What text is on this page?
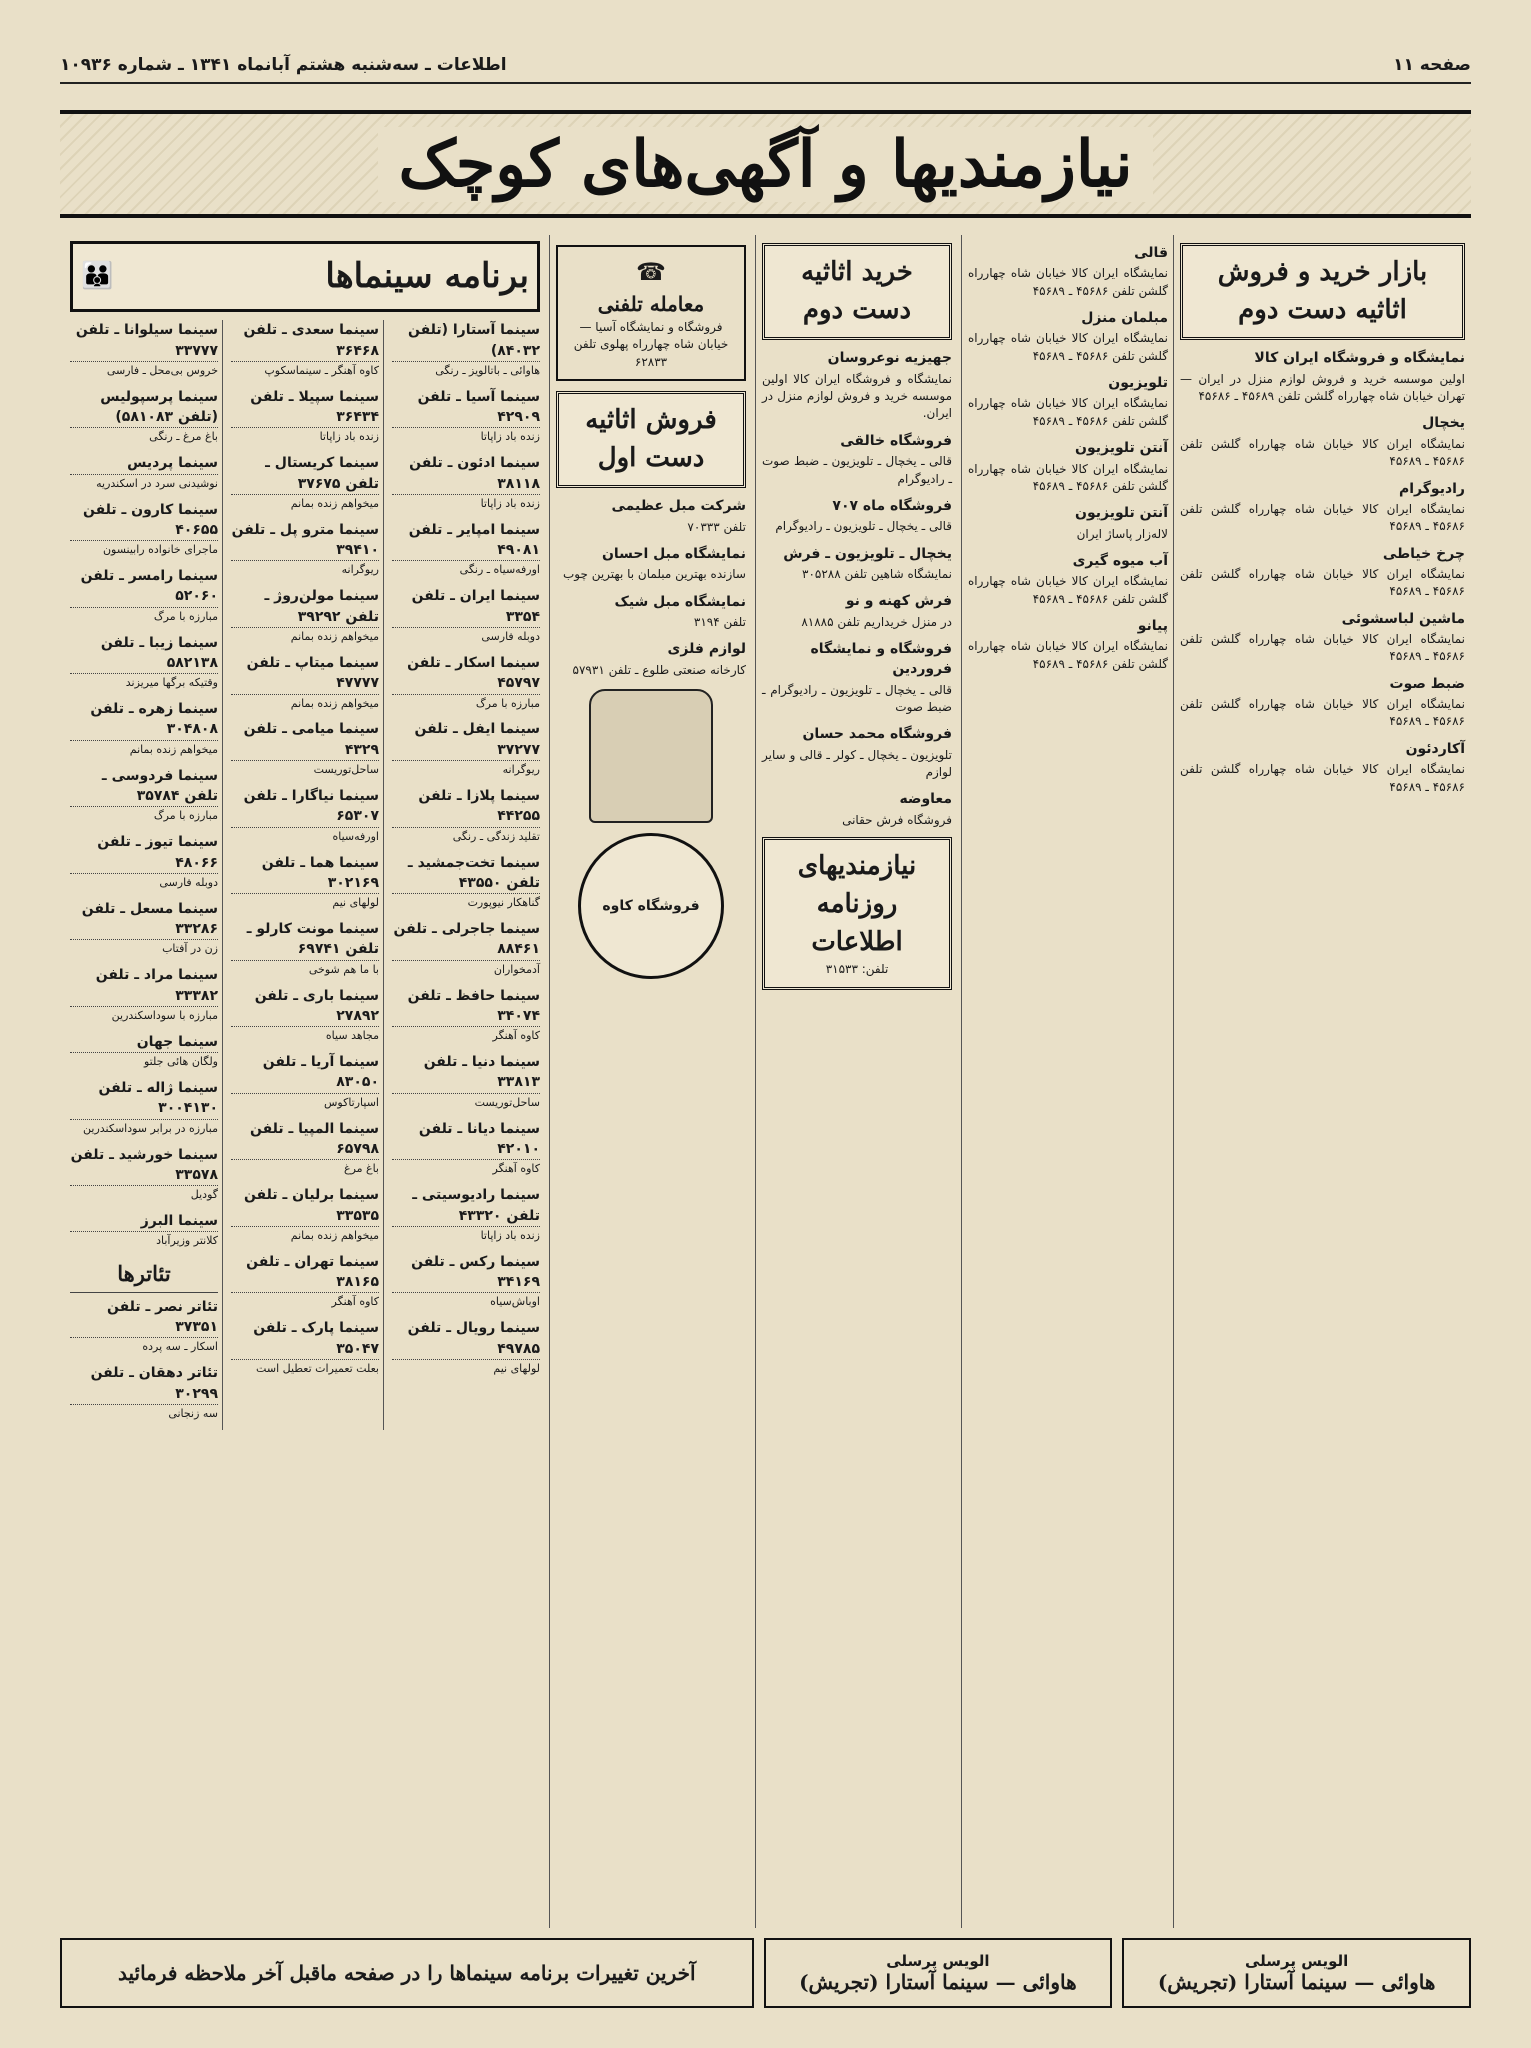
صفحه ۱۱
اطلاعات ـ سه‌شنبه هشتم آبانماه ۱۳۴۱ ـ شماره ۱۰۹۳۶
نیازمندیها و آگهی‌های کوچک
بازار خرید و فروش اثاثیه دست دوم
نمایشگاه و فروشگاه ایران کالا

اولین موسسه خرید و فروش لوازم منزل در ایران — تهران خیابان شاه چهارراه گلشن تلفن ۴۵۶۸۹ ـ ۴۵۶۸۶

یخچال

نمایشگاه ایران کالا خیابان شاه چهارراه گلشن تلفن ۴۵۶۸۶ ـ ۴۵۶۸۹

رادیوگرام

نمایشگاه ایران کالا خیابان شاه چهارراه گلشن تلفن ۴۵۶۸۶ ـ ۴۵۶۸۹

چرخ خیاطی

نمایشگاه ایران کالا خیابان شاه چهارراه گلشن تلفن ۴۵۶۸۶ ـ ۴۵۶۸۹

ماشین لباسشوئی

نمایشگاه ایران کالا خیابان شاه چهارراه گلشن تلفن ۴۵۶۸۶ ـ ۴۵۶۸۹

ضبط صوت

نمایشگاه ایران کالا خیابان شاه چهارراه گلشن تلفن ۴۵۶۸۶ ـ ۴۵۶۸۹

آکاردئون

نمایشگاه ایران کالا خیابان شاه چهارراه گلشن تلفن ۴۵۶۸۶ ـ ۴۵۶۸۹

قالی

نمایشگاه ایران کالا خیابان شاه چهارراه گلشن تلفن ۴۵۶۸۶ ـ ۴۵۶۸۹

مبلمان منزل

نمایشگاه ایران کالا خیابان شاه چهارراه گلشن تلفن ۴۵۶۸۶ ـ ۴۵۶۸۹

تلویزیون

نمایشگاه ایران کالا خیابان شاه چهارراه گلشن تلفن ۴۵۶۸۶ ـ ۴۵۶۸۹

آنتن تلویزیون

نمایشگاه ایران کالا خیابان شاه چهارراه گلشن تلفن ۴۵۶۸۶ ـ ۴۵۶۸۹

آنتن تلویزیون

لاله‌زار پاساژ ایران

آب میوه گیری

نمایشگاه ایران کالا خیابان شاه چهارراه گلشن تلفن ۴۵۶۸۶ ـ ۴۵۶۸۹

پیانو

نمایشگاه ایران کالا خیابان شاه چهارراه گلشن تلفن ۴۵۶۸۶ ـ ۴۵۶۸۹

خرید اثاثیه دست دوم
جهیزیه نوعروسان

نمایشگاه و فروشگاه ایران کالا اولین موسسه خرید و فروش لوازم منزل در ایران.

فروشگاه خالقی

قالی ـ یخچال ـ تلویزیون ـ ضبط صوت ـ رادیوگرام

فروشگاه ماه ۷۰۷

قالی ـ یخچال ـ تلویزیون ـ رادیوگرام

یخچال ـ تلویزیون ـ فرش

نمایشگاه شاهین تلفن ۳۰۵۲۸۸

فرش کهنه و نو

در منزل خریداریم تلفن ۸۱۸۸۵

فروشگاه و نمایشگاه فروردین

قالی ـ یخچال ـ تلویزیون ـ رادیوگرام ـ ضبط صوت

فروشگاه محمد حسان

تلویزیون ـ یخچال ـ کولر ـ قالی و سایر لوازم

معاوضه

فروشگاه فرش حقانی

نیازمندیهای روزنامه اطلاعات
تلفن: ۳۱۵۳۳
☎
معامله تلفنی
فروشگاه و نمایشگاه آسیا — خیابان شاه چهارراه پهلوی تلفن ۶۲۸۳۳
فروش اثاثیه دست اول
شرکت مبل عظیمی

تلفن ۷۰۳۳۳

نمایشگاه مبل احسان

سازنده بهترین مبلمان با بهترین چوب

نمایشگاه مبل شیک

تلفن ۳۱۹۴

لوازم فلزی

کارخانه صنعتی طلوع ـ تلفن ۵۷۹۳۱

فروشگاه کاوه
برنامه سینماها
👪
سینما آستارا (تلفن ۸۴۰۳۲)

هاوائی ـ باتالویز ـ رنگی

سینما آسیا ـ تلفن ۴۲۹۰۹

زنده باد زاپاتا

سینما ادئون ـ تلفن ۳۸۱۱۸

زنده باد زاپاتا

سینما امپایر ـ تلفن ۴۹۰۸۱

اورفه‌سیاه ـ رنگی

سینما ایران ـ تلفن ۳۳۵۴

دوبله فارسی

سینما اسکار ـ تلفن ۴۵۷۹۷

مبارزه با مرگ

سینما ایفل ـ تلفن ۳۷۲۷۷

ریوگرانه

سینما پلازا ـ تلفن ۴۴۲۵۵

تقلید زندگی ـ رنگی

سینما تخت‌جمشید ـ تلفن ۴۳۵۵۰

گناهکار نیوپورت

سینما جاجرلی ـ تلفن ۸۸۴۶۱

آدمخواران

سینما حافظ ـ تلفن ۳۴۰۷۴

کاوه آهنگر

سینما دنیا ـ تلفن ۳۳۸۱۳

ساحل‌توریست

سینما دیانا ـ تلفن ۴۲۰۱۰

کاوه آهنگر

سینما رادیوسیتی ـ تلفن ۴۳۳۲۰

زنده باد زاپاتا

سینما رکس ـ تلفن ۳۴۱۶۹

اوباش‌سیاه

سینما رویال ـ تلفن ۴۹۷۸۵

لولهای نیم

سینما سعدی ـ تلفن ۳۶۴۶۸

کاوه آهنگر ـ سینماسکوپ

سینما سپیلا ـ تلفن ۳۶۴۳۴

زنده باد زاپاتا

سینما کریستال ـ تلفن ۳۷۶۷۵

میخواهم زنده بمانم

سینما مترو پل ـ تلفن ۳۹۴۱۰

ریوگرانه

سینما مولن‌روژ ـ تلفن ۳۹۲۹۲

میخواهم زنده بمانم

سینما میتاپ ـ تلفن ۴۷۷۷۷

میخواهم زنده بمانم

سینما میامی ـ تلفن ۴۳۲۹

ساحل‌توریست

سینما نیاگارا ـ تلفن ۶۵۳۰۷

اورفه‌سیاه

سینما هما ـ تلفن ۳۰۲۱۶۹

لولهای نیم

سینما مونت کارلو ـ تلفن ۶۹۷۴۱

با ما هم شوخی

سینما باری ـ تلفن ۲۷۸۹۲

مجاهد سیاه

سینما آریا ـ تلفن ۸۳۰۵۰

اسپارتاکوس

سینما المپیا ـ تلفن ۶۵۷۹۸

باغ مرغ

سینما برلیان ـ تلفن ۳۳۵۳۵

میخواهم زنده بمانم

سینما تهران ـ تلفن ۳۸۱۶۵

کاوه آهنگر

سینما پارک ـ تلفن ۳۵۰۴۷

بعلت تعمیرات تعطیل است

سینما سیلوانا ـ تلفن ۳۳۷۷۷

خروس بی‌محل ـ فارسی

سینما پرسپولیس (تلفن ۵۸۱۰۸۳)

باغ مرغ ـ رنگی

سینما پردیس

نوشیدنی سرد در اسکندریه

سینما کارون ـ تلفن ۴۰۶۵۵

ماجرای خانواده رابینسون

سینما رامسر ـ تلفن ۵۲۰۶۰

مبارزه با مرگ

سینما زیبا ـ تلفن ۵۸۲۱۳۸

وقتیکه برگها میریزند

سینما زهره ـ تلفن ۳۰۴۸۰۸

میخواهم زنده بمانم

سینما فردوسی ـ تلفن ۳۵۷۸۴

مبارزه با مرگ

سینما تیوز ـ تلفن ۴۸۰۶۶

دوبله فارسی

سینما مسعل ـ تلفن ۳۳۲۸۶

زن در آفتاب

سینما مراد ـ تلفن ۳۳۳۸۲

مبارزه با سوداسکندرین

سینما جهان

ولگان هائی جلتو

سینما ژاله ـ تلفن ۳۰۰۴۱۳۰

مبارزه در برابر سوداسکندرین

سینما خورشید ـ تلفن ۳۳۵۷۸

گودیل

سینما البرز

کلانتر وزیرآباد

تئاترها
تئاتر نصر ـ تلفن ۳۷۳۵۱

اسکار ـ سه پرده

تئاتر دهقان ـ تلفن ۳۰۲۹۹

سه زنجانی

الویس پرسلی
هاوائی — سینما آستارا (تجریش)
الویس پرسلی
هاوائی — سینما آستارا (تجریش)
آخرین تغییرات برنامه سینماها را در صفحه ماقبل آخر ملاحظه فرمائید
